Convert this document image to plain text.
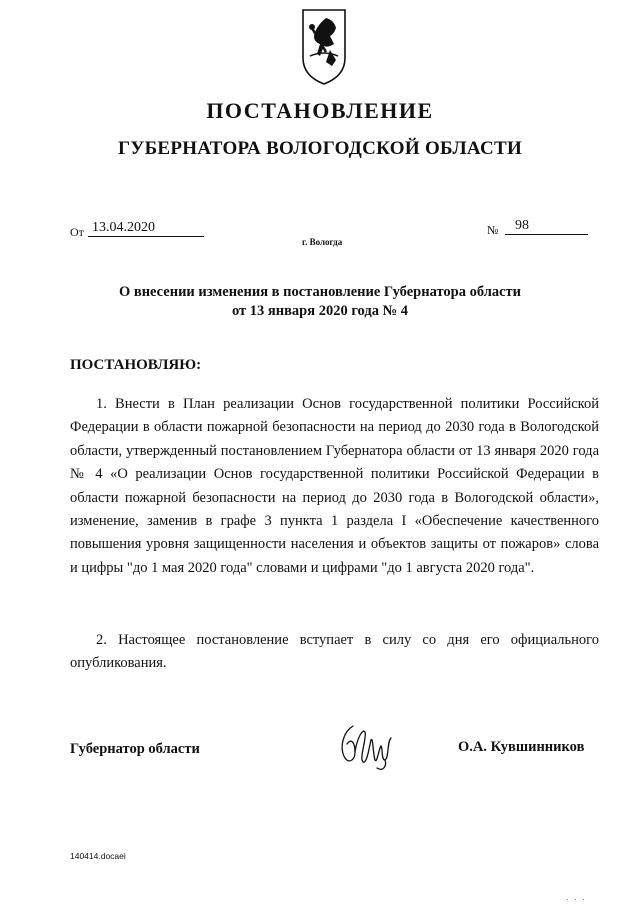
ПОСТАНОВЛЕНИЕ
ГУБЕРНАТОРА ВОЛОГОДСКОЙ ОБЛАСТИ
От 13.04.2020	№	98
г. Вологда
О внесении изменения в постановление Губернатора области
от 13 января 2020 года № 4
ПОСТАНОВЛЯЮ:
1. Внести в План реализации Основ государственной политики Российской Федерации в области пожарной безопасности на период до 2030 года в Вологодской области, утвержденный постановлением Губернатора области от 13 января 2020 года № 4 «О реализации Основ государственной политики Российской Федерации в области пожарной безопасности на период до 2030 года в Вологодской области», изменение, заменив в графе 3 пункта 1 раздела I «Обеспечение качественного повышения уровня защищенности населения и объектов защиты от пожаров» слова и цифры "до 1 мая 2020 года" словами и цифрами "до 1 августа 2020 года".
2. Настоящее постановление вступает в силу со дня его официального опубликования.
Губернатор области	О.А. Кувшинников
140414.docaei
· · ·
